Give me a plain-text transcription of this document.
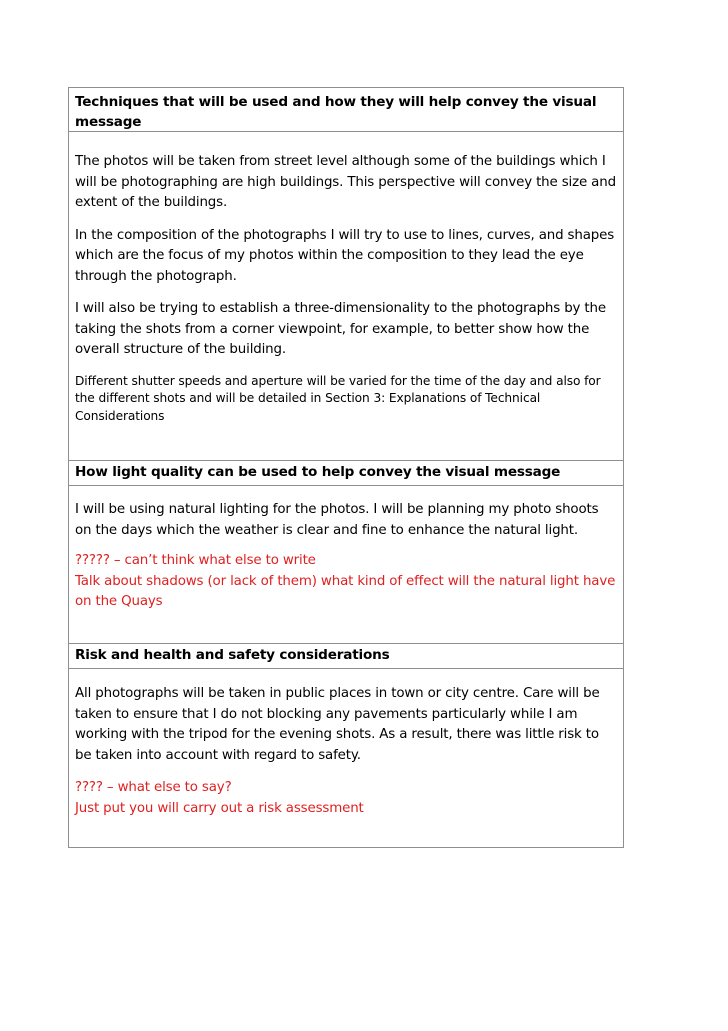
Techniques that will be used and how they will help convey the visual message

The photos will be taken from street level although some of the buildings which I will be photographing are high buildings. This perspective will convey the size and extent of the buildings.

In the composition of the photographs I will try to use to lines, curves, and shapes which are the focus of my photos within the composition to they lead the eye through the photograph.

I will also be trying to establish a three-dimensionality to the photographs by the taking the shots from a corner viewpoint, for example, to better show how the overall structure of the building.

Different shutter speeds and aperture will be varied for the time of the day and also for the different shots and will be detailed in Section 3: Explanations of Technical Considerations

How light quality can be used to help convey the visual message

I will be using natural lighting for the photos. I will be planning my photo shoots on the days which the weather is clear and fine to enhance the natural light.

????? – can’t think what else to write

Talk about shadows (or lack of them) what kind of effect will the natural light have on the Quays

Risk and health and safety considerations

All photographs will be taken in public places in town or city centre. Care will be taken to ensure that I do not blocking any pavements particularly while I am working with the tripod for the evening shots. As a result, there was little risk to be taken into account with regard to safety.

???? – what else to say?

Just put you will carry out a risk assessment
